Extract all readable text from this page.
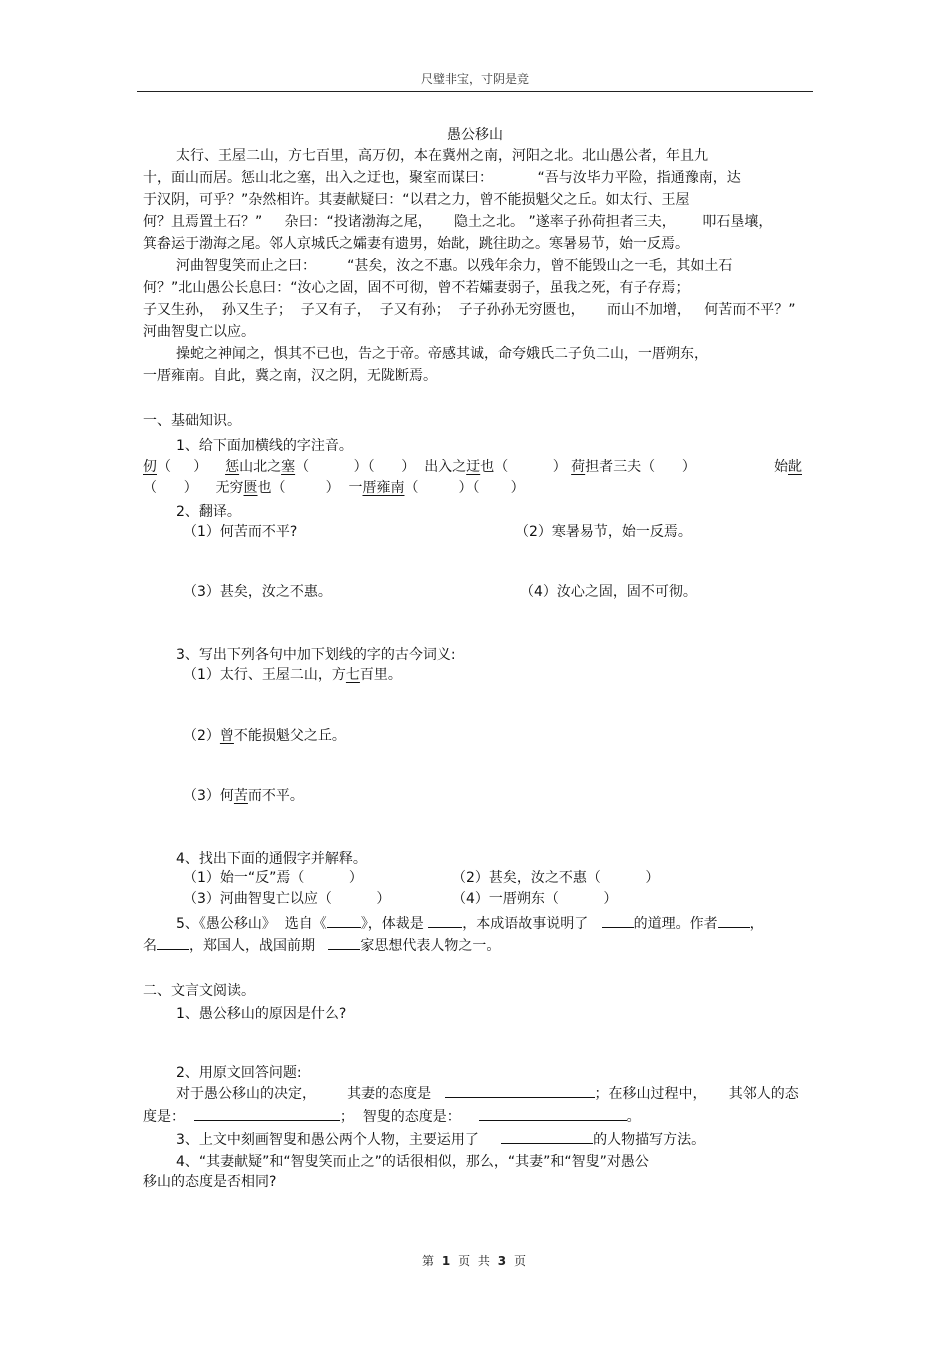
尺璧非宝，寸阴是竞
愚公移山
太行、王屋二山，方七百里，高万仞，本在冀州之南，河阳之北。北山愚公者，年且九
十，面山而居。惩山北之塞，出入之迂也，聚室而谋曰：          “吾与汝毕力平险，指通豫南，达
于汉阴，可乎？”杂然相许。其妻献疑曰：“以君之力，曾不能损魁父之丘。如太行、王屋
何？且焉置土石？”     杂曰：“投诸渤海之尾，     隐土之北。 ”遂率子孙荷担者三夫，      叩石垦壤，
箕畚运于渤海之尾。邻人京城氏之孀妻有遗男，始龀，跳往助之。寒暑易节，始一反焉。
河曲智叟笑而止之曰：       “甚矣，汝之不惠。以残年余力，曾不能毁山之一毛，其如土石
何？”北山愚公长息曰：“汝心之固，固不可彻，曾不若孀妻弱子，虽我之死，有子存焉；
子又生孙，  孙又生子；  子又有子，  子又有孙；  子子孙孙无穷匮也，     而山不加增，   何苦而不平？”
河曲智叟亡以应。
操蛇之神闻之，惧其不已也，告之于帝。帝感其诚，命夸娥氏二子负二山，一厝朔东，
一厝雍南。自此，冀之南，汉之阴，无陇断焉。
一、基础知识。
1、给下面加横线的字注音。
仞（     ） 惩山北之塞（          ）（      ） 出入之迂也（          ） 荷担者三夫（      ）	始龀
（      ） 无穷匮也（         ） 一厝雍南（         ）（       ）
2、翻译。
（1）何苦而不平?	（2）寒暑易节，始一反焉。
（3）甚矣，汝之不惠。	（4）汝心之固，固不可彻。
3、写出下列各句中加下划线的字的古今词义:
（1）太行、王屋二山，方七百里。
（2）曾不能损魁父之丘。
（3）何苦而不平。
4、找出下面的通假字并解释。
（1）始一“反”焉（          ）	（2）甚矣，汝之不惠（          ）
（3）河曲智叟亡以应（          ）	（4）一厝朔东（          ）
5、《愚公移山》  选自《 》，体裁是	，本成语故事说明了	的道理。作者 ，
名 ，郑国人，战国前期	家思想代表人物之一。
二、文言文阅读。
1、愚公移山的原因是什么?
2、用原文回答问题:
对于愚公移山的决定，       其妻的态度是	；在移山过程中，     其邻人的态
度是：	；  智叟的态度是：	。
3、上文中刻画智叟和愚公两个人物，主要运用了	的人物描写方法。
4、“其妻献疑”和“智叟笑而止之”的话很相似，那么，“其妻”和“智叟”对愚公
移山的态度是否相同?
第 1 页 共 3 页
